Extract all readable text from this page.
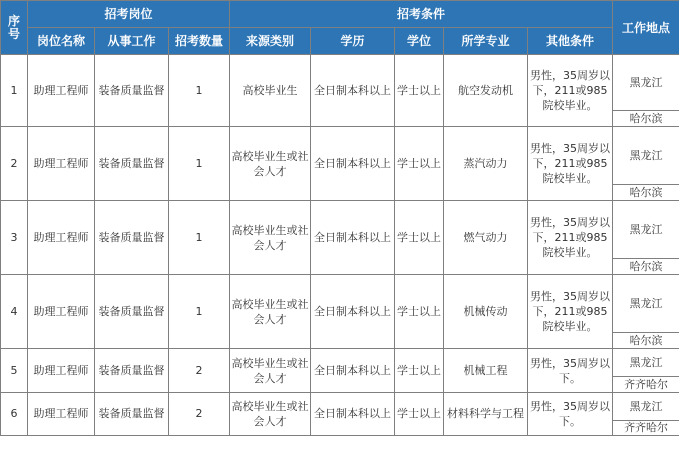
序
号	招考岗位			招考条件					工作地点
	岗位名称	从事工作	招考数量	来源类别	学历	学位	所学专业	其他条件	
1	助理工程师	装备质量监督	1	高校毕业生	全日制本科以上	学士以上	航空发动机	男性，35周岁以下，211或985院校毕业。	黑龙江
									哈尔滨
2	助理工程师	装备质量监督	1	高校毕业生或社会人才	全日制本科以上	学士以上	蒸汽动力	男性，35周岁以下，211或985院校毕业。	黑龙江
									哈尔滨
3	助理工程师	装备质量监督	1	高校毕业生或社会人才	全日制本科以上	学士以上	燃气动力	男性，35周岁以下，211或985院校毕业。	黑龙江
									哈尔滨
4	助理工程师	装备质量监督	1	高校毕业生或社会人才	全日制本科以上	学士以上	机械传动	男性，35周岁以下，211或985院校毕业。	黑龙江
									哈尔滨
5	助理工程师	装备质量监督	2	高校毕业生或社会人才	全日制本科以上	学士以上	机械工程	男性，35周岁以下。	黑龙江
									齐齐哈尔
6	助理工程师	装备质量监督	2	高校毕业生或社会人才	全日制本科以上	学士以上	材料科学与工程	男性，35周岁以下。	黑龙江
									齐齐哈尔
